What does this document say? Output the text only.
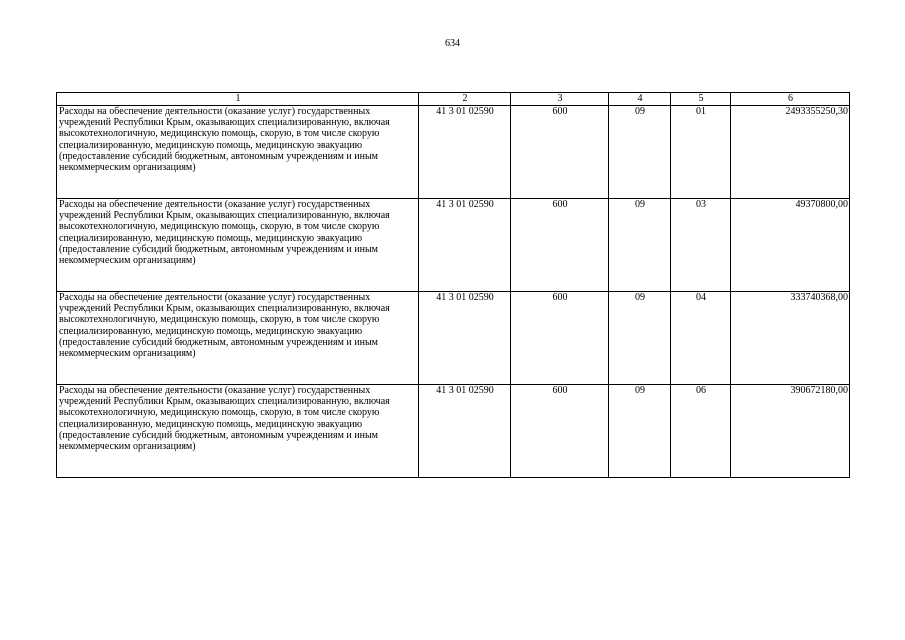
634
1	2	3	4	5	6
Расходы на обеспечение деятельности (оказание услуг) государственных учреждений Республики Крым, оказывающих специализированную, включая высокотехнологичную, медицинскую помощь, скорую, в том числе скорую специализированную, медицинскую помощь, медицинскую эвакуацию (предоставление субсидий бюджетным, автономным учреждениям и иным некоммерческим организациям)	41 3 01 02590	600	09	01	2493355250,30
Расходы на обеспечение деятельности (оказание услуг) государственных учреждений Республики Крым, оказывающих специализированную, включая высокотехнологичную, медицинскую помощь, скорую, в том числе скорую специализированную, медицинскую помощь, медицинскую эвакуацию (предоставление субсидий бюджетным, автономным учреждениям и иным некоммерческим организациям)	41 3 01 02590	600	09	03	49370800,00
Расходы на обеспечение деятельности (оказание услуг) государственных учреждений Республики Крым, оказывающих специализированную, включая высокотехнологичную, медицинскую помощь, скорую, в том числе скорую специализированную, медицинскую помощь, медицинскую эвакуацию (предоставление субсидий бюджетным, автономным учреждениям и иным некоммерческим организациям)	41 3 01 02590	600	09	04	333740368,00
Расходы на обеспечение деятельности (оказание услуг) государственных учреждений Республики Крым, оказывающих специализированную, включая высокотехнологичную, медицинскую помощь, скорую, в том числе скорую специализированную, медицинскую помощь, медицинскую эвакуацию (предоставление субсидий бюджетным, автономным учреждениям и иным некоммерческим организациям)	41 3 01 02590	600	09	06	390672180,00
